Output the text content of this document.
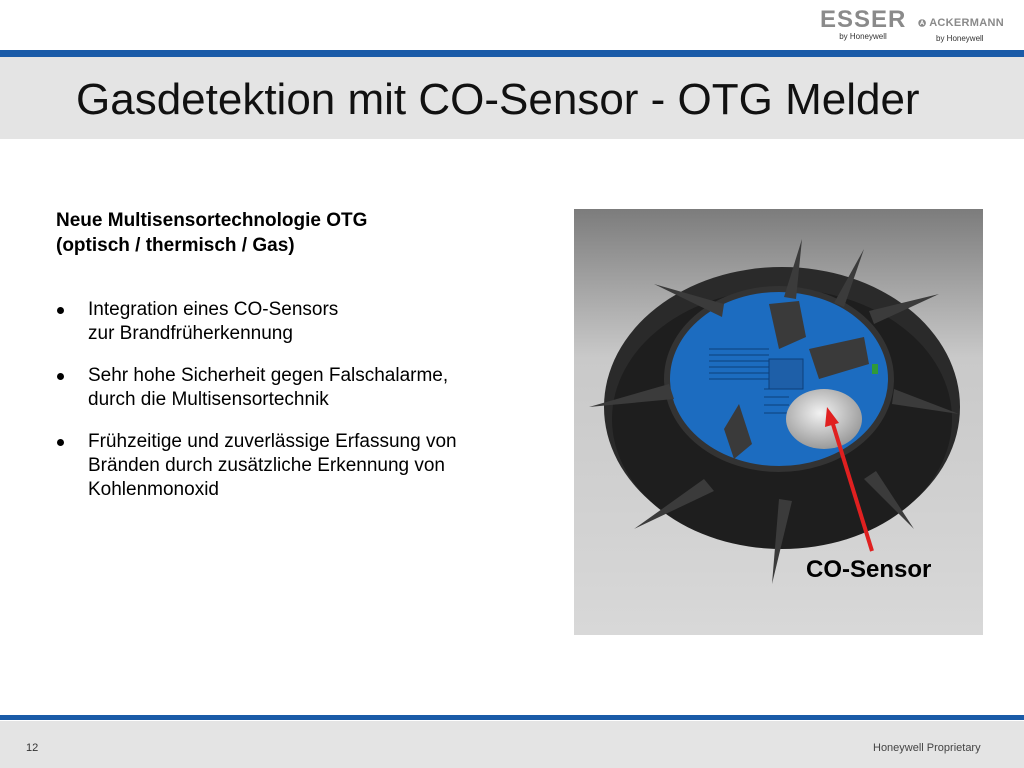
ESSER
by Honeywell
ACKERMANN
by Honeywell
Gasdetektion mit CO-Sensor - OTG Melder
Neue Multisensortechnologie OTG
(optisch / thermisch / Gas)
Integration eines CO-Sensors
zur Brandfrüherkennung
Sehr hohe Sicherheit gegen Falschalarme,
durch die Multisensortechnik
Frühzeitige und zuverlässige Erfassung von
Bränden durch zusätzliche Erkennung von
Kohlenmonoxid
CO-Sensor
12	Honeywell Proprietary
